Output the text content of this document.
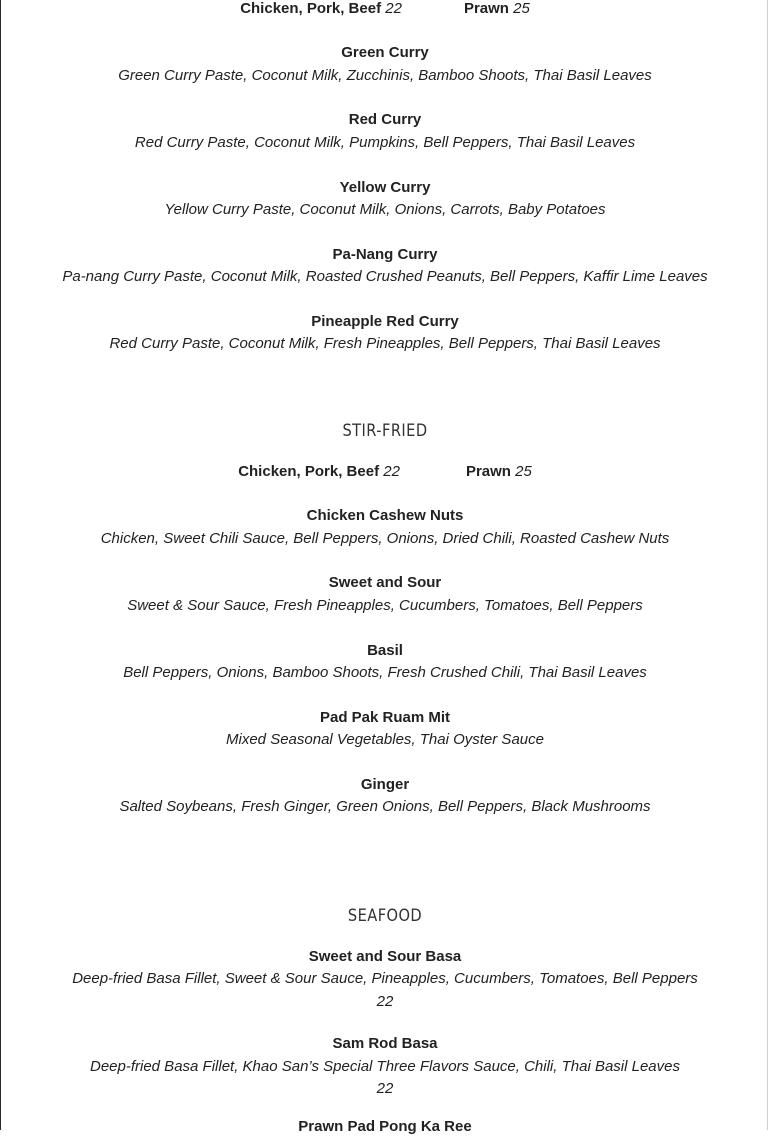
Chicken, Pork, Beef 22	Prawn 25
Green Curry
Green Curry Paste, Coconut Milk, Zucchinis, Bamboo Shoots, Thai Basil Leaves
Red Curry
Red Curry Paste, Coconut Milk, Pumpkins, Bell Peppers, Thai Basil Leaves
Yellow Curry
Yellow Curry Paste, Coconut Milk, Onions, Carrots, Baby Potatoes
Pa-Nang Curry
Pa-nang Curry Paste, Coconut Milk, Roasted Crushed Peanuts, Bell Peppers, Kaffir Lime Leaves
Pineapple Red Curry
Red Curry Paste, Coconut Milk, Fresh Pineapples, Bell Peppers, Thai Basil Leaves
STIR-FRIED
Chicken, Pork, Beef 22	Prawn 25
Chicken Cashew Nuts
Chicken, Sweet Chili Sauce, Bell Peppers, Onions, Dried Chili, Roasted Cashew Nuts
Sweet and Sour
Sweet & Sour Sauce, Fresh Pineapples, Cucumbers, Tomatoes, Bell Peppers
Basil
Bell Peppers, Onions, Bamboo Shoots, Fresh Crushed Chili, Thai Basil Leaves
Pad Pak Ruam Mit
Mixed Seasonal Vegetables, Thai Oyster Sauce
Ginger
Salted Soybeans, Fresh Ginger, Green Onions, Bell Peppers, Black Mushrooms
SEAFOOD
Sweet and Sour Basa
Deep-fried Basa Fillet, Sweet & Sour Sauce, Pineapples, Cucumbers, Tomatoes, Bell Peppers
22
Sam Rod Basa
Deep-fried Basa Fillet, Khao San’s Special Three Flavors Sauce, Chili, Thai Basil Leaves
22
Prawn Pad Pong Ka Ree
